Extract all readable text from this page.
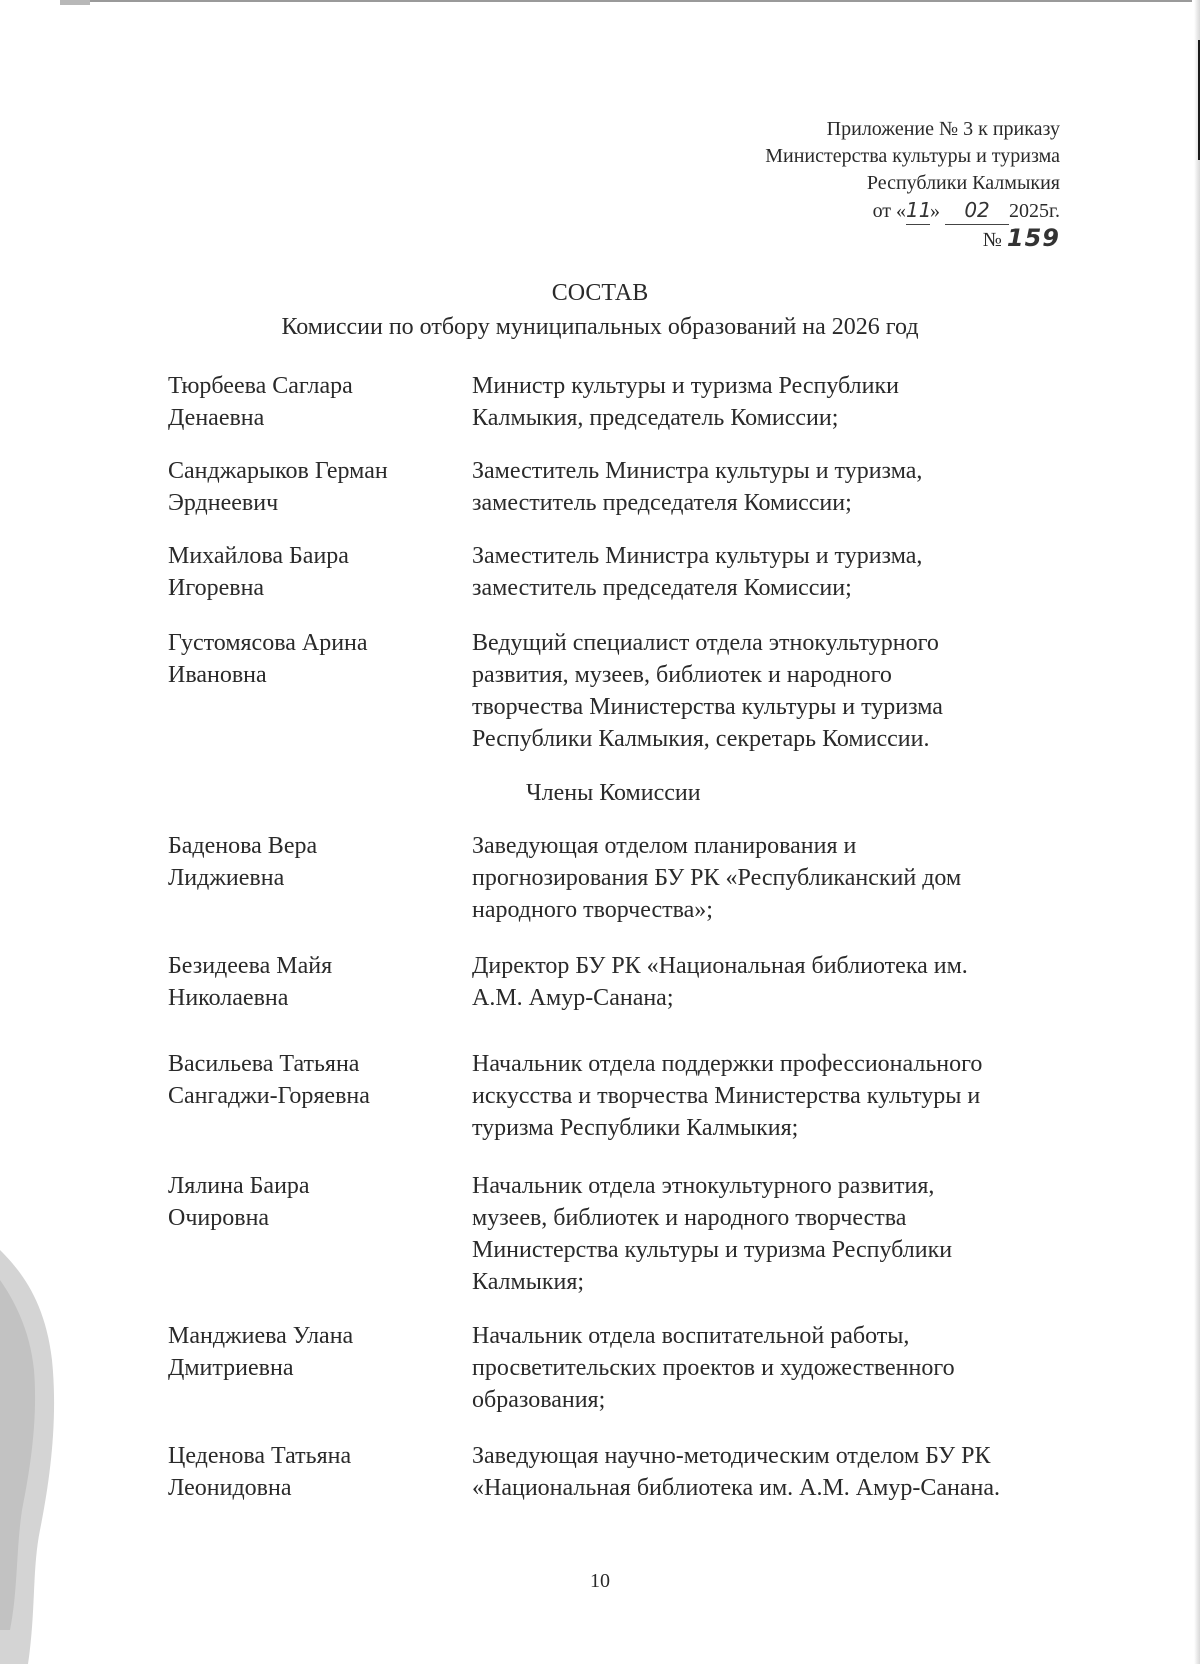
Приложение № 3 к приказу
Министерства культуры и туризма
Республики Калмыкия
от «11» 02 2025г.
№ 159
СОСТАВ
Комиссии по отбору муниципальных образований на 2026 год
Тюрбеева Саглара
Денаевна
Министр культуры и туризма Республики
Калмыкия, председатель Комиссии;
Санджарыков Герман
Эрднеевич
Заместитель Министра культуры и туризма,
заместитель председателя Комиссии;
Михайлова Баира
Игоревна
Заместитель Министра культуры и туризма,
заместитель председателя Комиссии;
Густомясова Арина
Ивановна
Ведущий специалист отдела этнокультурного
развития, музеев, библиотек и народного
творчества Министерства культуры и туризма
Республики Калмыкия, секретарь Комиссии.
Члены Комиссии
Баденова Вера
Лиджиевна
Заведующая отделом планирования и
прогнозирования БУ РК «Республиканский дом
народного творчества»;
Безидеева Майя
Николаевна
Директор БУ РК «Национальная библиотека им.
А.М. Амур-Санана;
Васильева Татьяна
Сангаджи-Горяевна
Начальник отдела поддержки профессионального
искусства и творчества Министерства культуры и
туризма Республики Калмыкия;
Лялина Баира
Очировна
Начальник отдела этнокультурного развития,
музеев, библиотек и народного творчества
Министерства культуры и туризма Республики
Калмыкия;
Манджиева Улана
Дмитриевна
Начальник отдела воспитательной работы,
просветительских проектов и художественного
образования;
Цеденова Татьяна
Леонидовна
Заведующая научно-методическим отделом БУ РК
«Национальная библиотека им. А.М. Амур-Санана.
10
